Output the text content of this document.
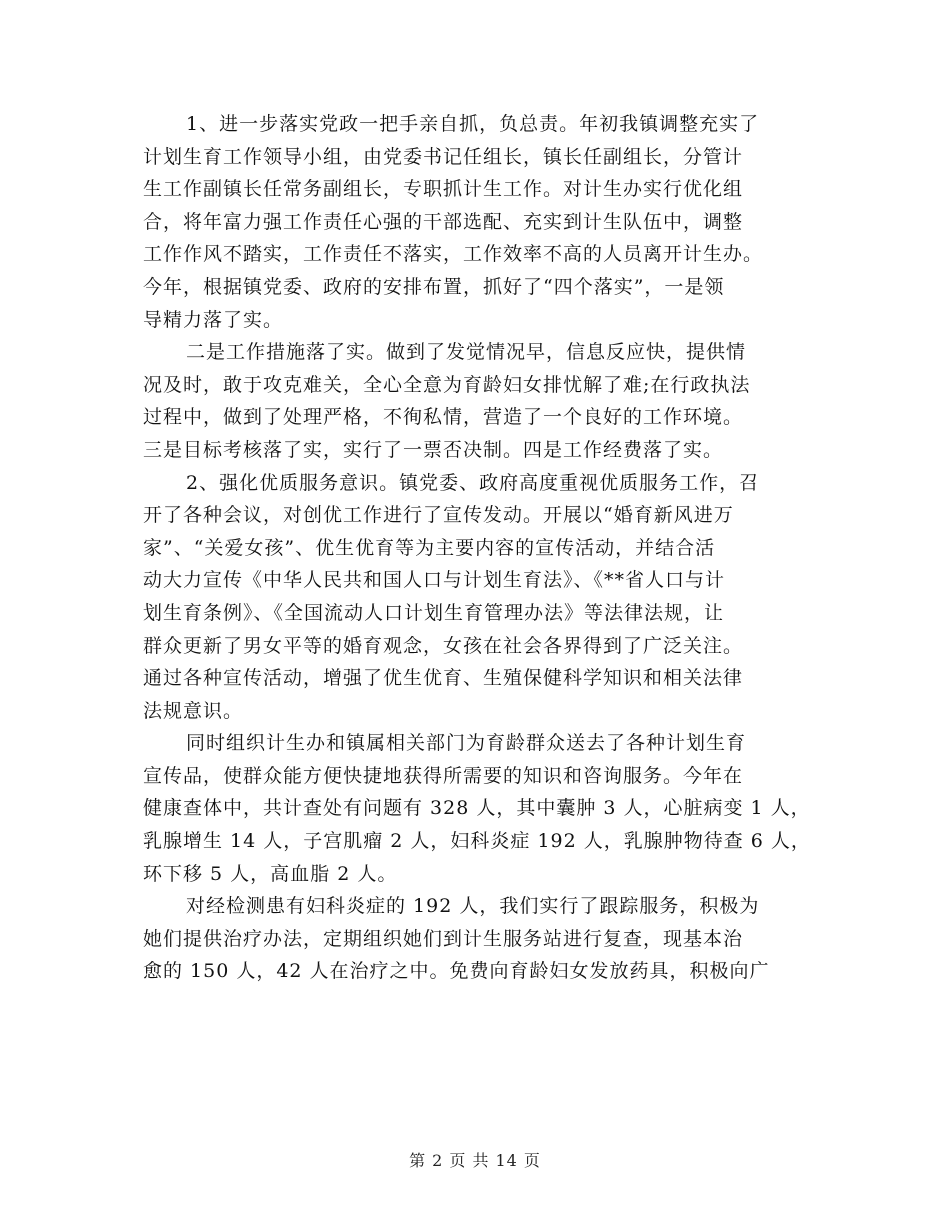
1、进一步落实党政一把手亲自抓，负总责。年初我镇调整充实了
计划生育工作领导小组，由党委书记任组长，镇长任副组长，分管计
生工作副镇长任常务副组长，专职抓计生工作。对计生办实行优化组
合，将年富力强工作责任心强的干部选配、充实到计生队伍中，调整
工作作风不踏实，工作责任不落实，工作效率不高的人员离开计生办。
今年，根据镇党委、政府的安排布置，抓好了“四个落实”，一是领
导精力落了实。
二是工作措施落了实。做到了发觉情况早，信息反应快，提供情
况及时，敢于攻克难关，全心全意为育龄妇女排忧解了难;在行政执法
过程中，做到了处理严格，不徇私情，营造了一个良好的工作环境。
三是目标考核落了实，实行了一票否决制。四是工作经费落了实。
2、强化优质服务意识。镇党委、政府高度重视优质服务工作，召
开了各种会议，对创优工作进行了宣传发动。开展以“婚育新风进万
家”、“关爱女孩”、优生优育等为主要内容的宣传活动，并结合活
动大力宣传《中华人民共和国人口与计划生育法》、《**省人口与计
划生育条例》、《全国流动人口计划生育管理办法》等法律法规，让
群众更新了男女平等的婚育观念，女孩在社会各界得到了广泛关注。
通过各种宣传活动，增强了优生优育、生殖保健科学知识和相关法律
法规意识。
同时组织计生办和镇属相关部门为育龄群众送去了各种计划生育
宣传品，使群众能方便快捷地获得所需要的知识和咨询服务。今年在
健康查体中，共计查处有问题有 328 人，其中囊肿 3 人，心脏病变 1 人，
乳腺增生 14 人，子宫肌瘤 2 人，妇科炎症 192 人，乳腺肿物待查 6 人，
环下移 5 人，高血脂 2 人。
对经检测患有妇科炎症的 192 人，我们实行了跟踪服务，积极为
她们提供治疗办法，定期组织她们到计生服务站进行复查，现基本治
愈的 150 人，42 人在治疗之中。免费向育龄妇女发放药具，积极向广
第 2 页 共 14 页
